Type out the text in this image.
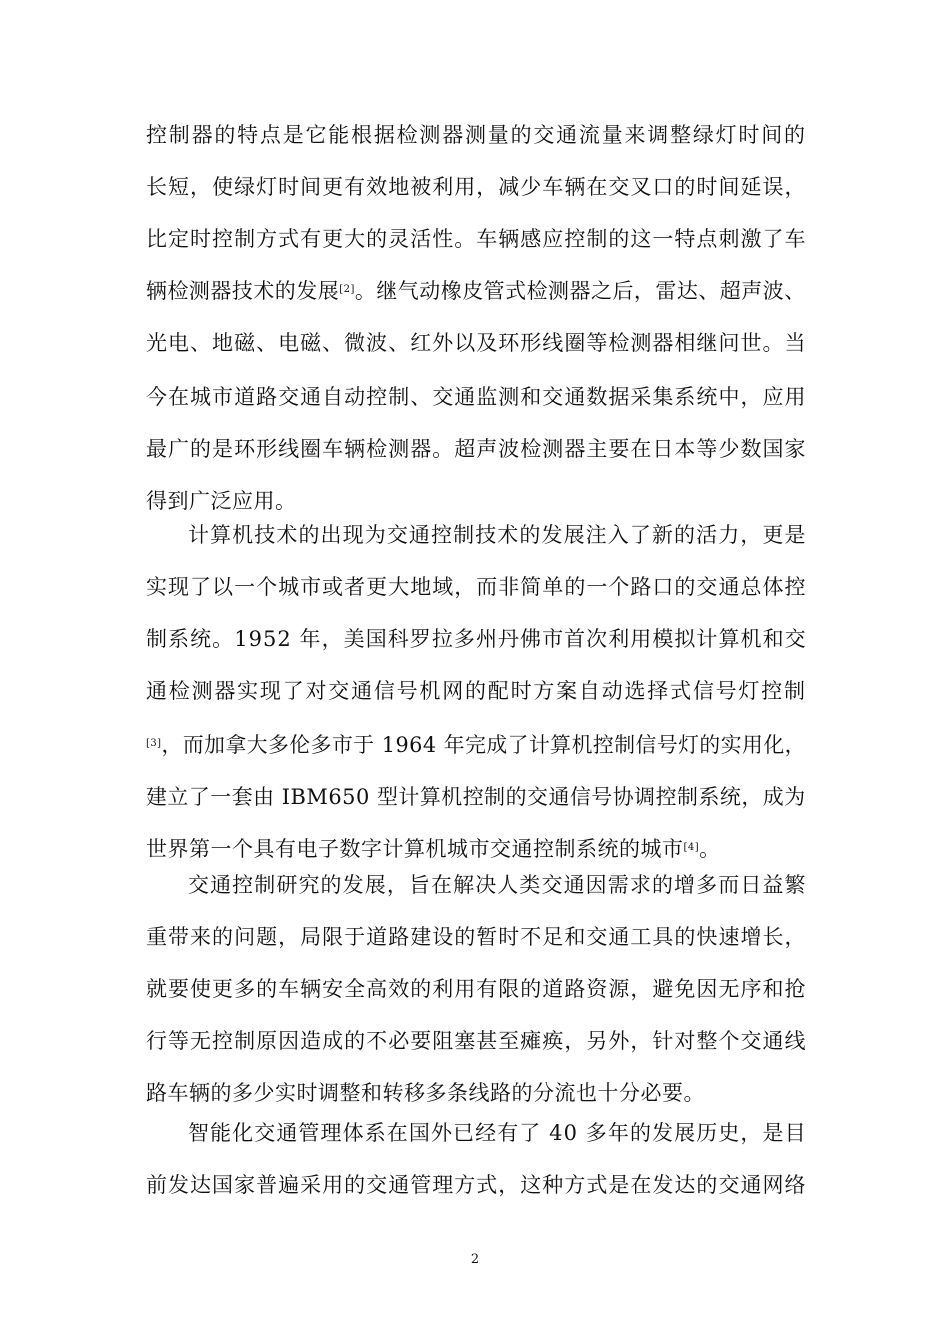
控制器的特点是它能根据检测器测量的交通流量来调整绿灯时间的
长短，使绿灯时间更有效地被利用，减少车辆在交叉口的时间延误，
比定时控制方式有更大的灵活性。车辆感应控制的这一特点刺激了车
辆检测器技术的发展[2]。继气动橡皮管式检测器之后，雷达、超声波、
光电、地磁、电磁、微波、红外以及环形线圈等检测器相继问世。当
今在城市道路交通自动控制、交通监测和交通数据采集系统中，应用
最广的是环形线圈车辆检测器。超声波检测器主要在日本等少数国家
得到广泛应用。
计算机技术的出现为交通控制技术的发展注入了新的活力，更是
实现了以一个城市或者更大地域，而非简单的一个路口的交通总体控
制系统。1952 年，美国科罗拉多州丹佛市首次利用模拟计算机和交
通检测器实现了对交通信号机网的配时方案自动选择式信号灯控制
[3]，而加拿大多伦多市于 1964 年完成了计算机控制信号灯的实用化，
建立了一套由 IBM650 型计算机控制的交通信号协调控制系统，成为
世界第一个具有电子数字计算机城市交通控制系统的城市[4]。
交通控制研究的发展，旨在解决人类交通因需求的增多而日益繁
重带来的问题，局限于道路建设的暂时不足和交通工具的快速增长，
就要使更多的车辆安全高效的利用有限的道路资源，避免因无序和抢
行等无控制原因造成的不必要阻塞甚至瘫痪，另外，针对整个交通线
路车辆的多少实时调整和转移多条线路的分流也十分必要。
智能化交通管理体系在国外已经有了 40 多年的发展历史，是目
前发达国家普遍采用的交通管理方式，这种方式是在发达的交通网络
2
